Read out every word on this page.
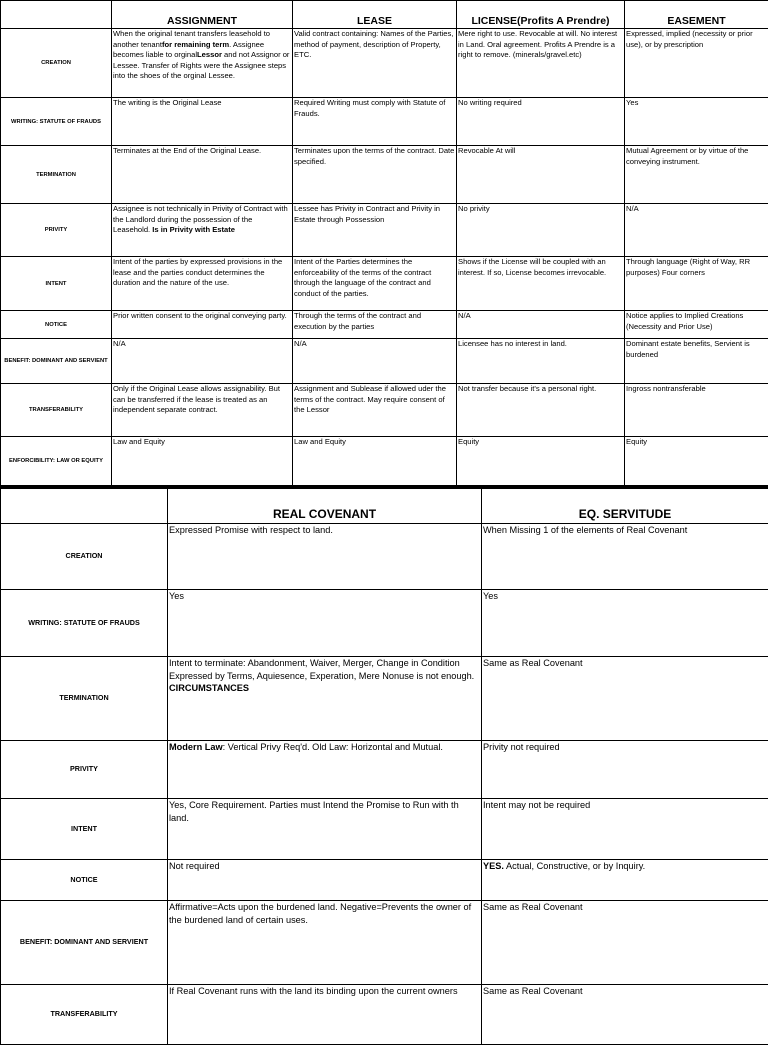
	ASSIGNMENT	LEASE	LICENSE(Profits A Prendre)	EASEMENT
CREATION	When the original tenant transfers leasehold to another tenantfor remaining term. Assignee becomes liable to orginalLessor and not Assignor or Lessee. Transfer of Rights were the Assignee steps into the shoes of the orginal Lessee.	Valid contract containing: Names of the Parties, method of payment, description of Property, ETC.	Mere right to use. Revocable at will. No interest in Land. Oral agreement. Profits A Prendre is a right to remove. (minerals/gravel.etc)	Expressed, implied (necessity or prior use), or by prescription
WRITING: STATUTE OF FRAUDS	The writing is the Original Lease	Required Writing must comply with Statute of Frauds.	No writing required	Yes
TERMINATION	Terminates at the End of the Original Lease.	Terminates upon the terms of the contract. Date specified.	Revocable At will	Mutual Agreement or by virtue of the conveying instrument.
PRIVITY	Assignee is not technically in Privity of Contract with the Landlord during the possession of the Leasehold. Is in Privity with Estate	Lessee has Privity in Contract and Privity in Estate through Possession	No privity	N/A
INTENT	Intent of the parties by expressed provisions in the lease and the parties conduct determines the duration and the nature of the use.	Intent of the Parties determines the enforceability of the terms of the contract through the language of the contract and conduct of the parties.	Shows if the License will be coupled with an interest. If so, License becomes irrevocable.	Through language (Right of Way, RR purposes) Four corners
NOTICE	Prior written consent to the original conveying party.	Through the terms of the contract and execution by the parties	N/A	Notice applies to Implied Creations (Necessity and Prior Use)
BENEFIT: DOMINANT AND SERVIENT	N/A	N/A	Licensee has no interest in land.	Dominant estate benefits, Servient is burdened
TRANSFERABILITY	Only if the Original Lease allows assignability. But can be transferred if the lease is treated as an independent separate contract.	Assignment and Sublease if allowed uder the terms of the contract. May require consent of the Lessor	Not transfer because it's a personal right.	Ingross nontransferable
ENFORCIBILITY: LAW OR EQUITY	Law and Equity	Law and Equity	Equity	Equity
	REAL COVENANT	EQ. SERVITUDE
CREATION	Expressed Promise with respect to land.	When Missing 1 of the elements of Real Covenant
WRITING: STATUTE OF FRAUDS	Yes	Yes
TERMINATION	Intent to terminate: Abandonment, Waiver, Merger, Change in Condition Expressed by Terms, Aquiesence, Experation, Mere Nonuse is not enough. CIRCUMSTANCES	Same as Real Covenant
PRIVITY	Modern Law: Vertical Privy Req'd. Old Law: Horizontal and Mutual.	Privity not required
INTENT	Yes, Core Requirement. Parties must Intend the Promise to Run with th land.	Intent may not be required
NOTICE	Not required	YES. Actual, Constructive, or by Inquiry.
BENEFIT: DOMINANT AND SERVIENT	Affirmative=Acts upon the burdened land. Negative=Prevents the owner of the burdened land of certain uses.	Same as Real Covenant
TRANSFERABILITY	If Real Covenant runs with the land its binding upon the current owners	Same as Real Covenant
